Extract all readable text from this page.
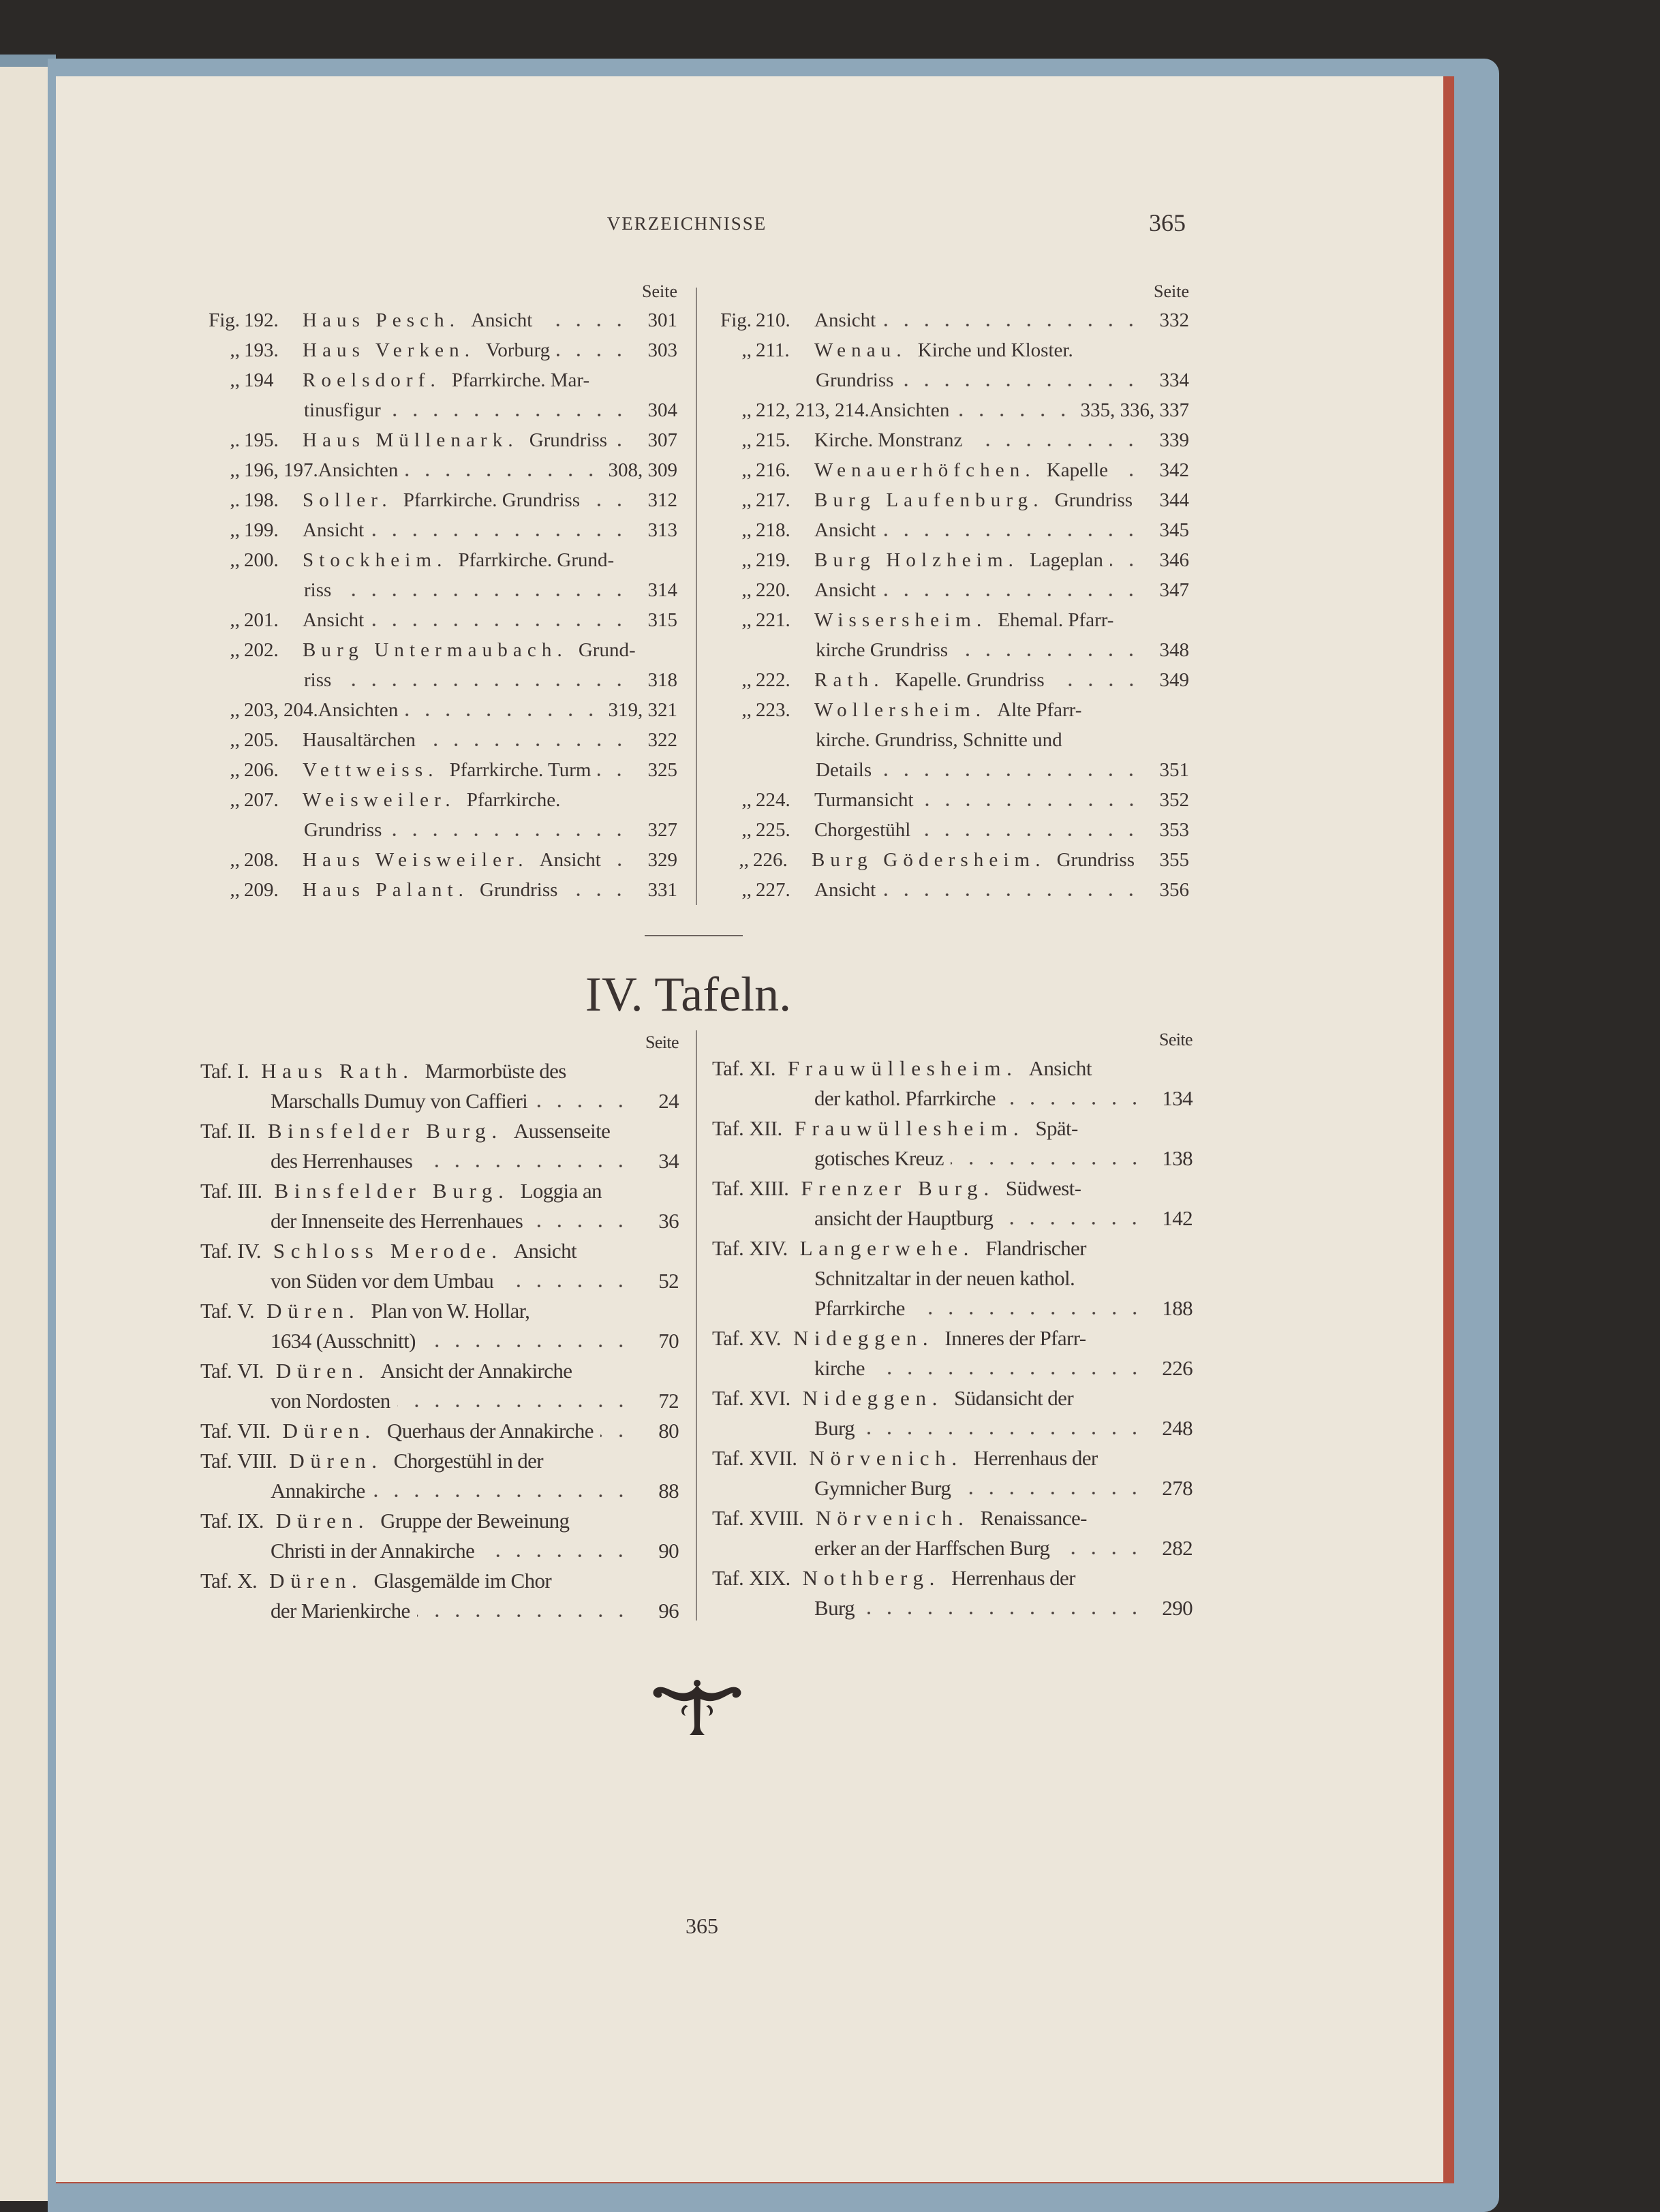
VERZEICHNISSE	365
Seite
Fig. 192.	Haus Pesch. Ansicht	301
,, 193.	Haus Verken. Vorburg	303
,, 194	Roelsdorf. Pfarrkirche. Mar-
tinusfigur	304
,. 195.	Haus Müllenark. Grundriss	307
,, 196, 197. Ansichten	308, 309
,. 198.	Soller. Pfarrkirche. Grundriss	312
,, 199.	Ansicht	313
,, 200.	Stockheim. Pfarrkirche. Grund-
riss	314
,, 201.	Ansicht	315
,, 202.	Burg Untermaubach. Grund-
riss	318
,, 203, 204. Ansichten	319, 321
,, 205.	Hausaltärchen	322
,, 206.	Vettweiss. Pfarrkirche. Turm	325
,, 207.	Weisweiler. Pfarrkirche.
Grundriss	327
,, 208.	Haus Weisweiler. Ansicht	329
,, 209.	Haus Palant. Grundriss	331
Seite
Fig. 210.	Ansicht	332
,, 211.	Wenau. Kirche und Kloster.
Grundriss	334
,, 212, 213, 214. Ansichten	335, 336, 337
,, 215.	Kirche. Monstranz	339
,, 216.	Wenauerhöfchen. Kapelle	342
,, 217.	Burg Laufenburg. Grundriss	344
,, 218.	Ansicht	345
,, 219.	Burg Holzheim. Lageplan	346
,, 220.	Ansicht	347
,, 221.	Wissersheim. Ehemal. Pfarr-
kirche Grundriss	348
,, 222.	Rath. Kapelle. Grundriss	349
,, 223.	Wollersheim. Alte Pfarr-
kirche. Grundriss, Schnitte und
Details	351
,, 224.	Turmansicht	352
,, 225.	Chorgestühl	353
,, 226.	Burg Gödersheim. Grundriss	355
,, 227.	Ansicht	356
IV. Tafeln.
Seite
Taf. I. Haus Rath. Marmorbüste des
Marschalls Dumuy von Caffieri	24
Taf. II. Binsfelder Burg. Aussenseite
des Herrenhauses	34
Taf. III. Binsfelder Burg. Loggia an
der Innenseite des Herrenhaues	36
Taf. IV. Schloss Merode. Ansicht
von Süden vor dem Umbau	52
Taf. V. Düren. Plan von W. Hollar,
1634 (Ausschnitt)	70
Taf. VI. Düren. Ansicht der Annakirche
von Nordosten	72
Taf. VII. Düren. Querhaus der Annakirche	80
Taf. VIII. Düren. Chorgestühl in der
Annakirche	88
Taf. IX. Düren. Gruppe der Beweinung
Christi in der Annakirche	90
Taf. X. Düren. Glasgemälde im Chor
der Marienkirche	96
Seite
Taf. XI. Frauwüllesheim. Ansicht
der kathol. Pfarrkirche	134
Taf. XII. Frauwüllesheim. Spät-
gotisches Kreuz	138
Taf. XIII. Frenzer Burg. Südwest-
ansicht der Hauptburg	142
Taf. XIV. Langerwehe. Flandrischer
Schnitzaltar in der neuen kathol.
Pfarrkirche	188
Taf. XV. Nideggen. Inneres der Pfarr-
kirche	226
Taf. XVI. Nideggen. Südansicht der
Burg	248
Taf. XVII. Nörvenich. Herrenhaus der
Gymnicher Burg	278
Taf. XVIII. Nörvenich. Renaissance-
erker an der Harffschen Burg	282
Taf. XIX. Nothberg. Herrenhaus der
Burg	290
365
